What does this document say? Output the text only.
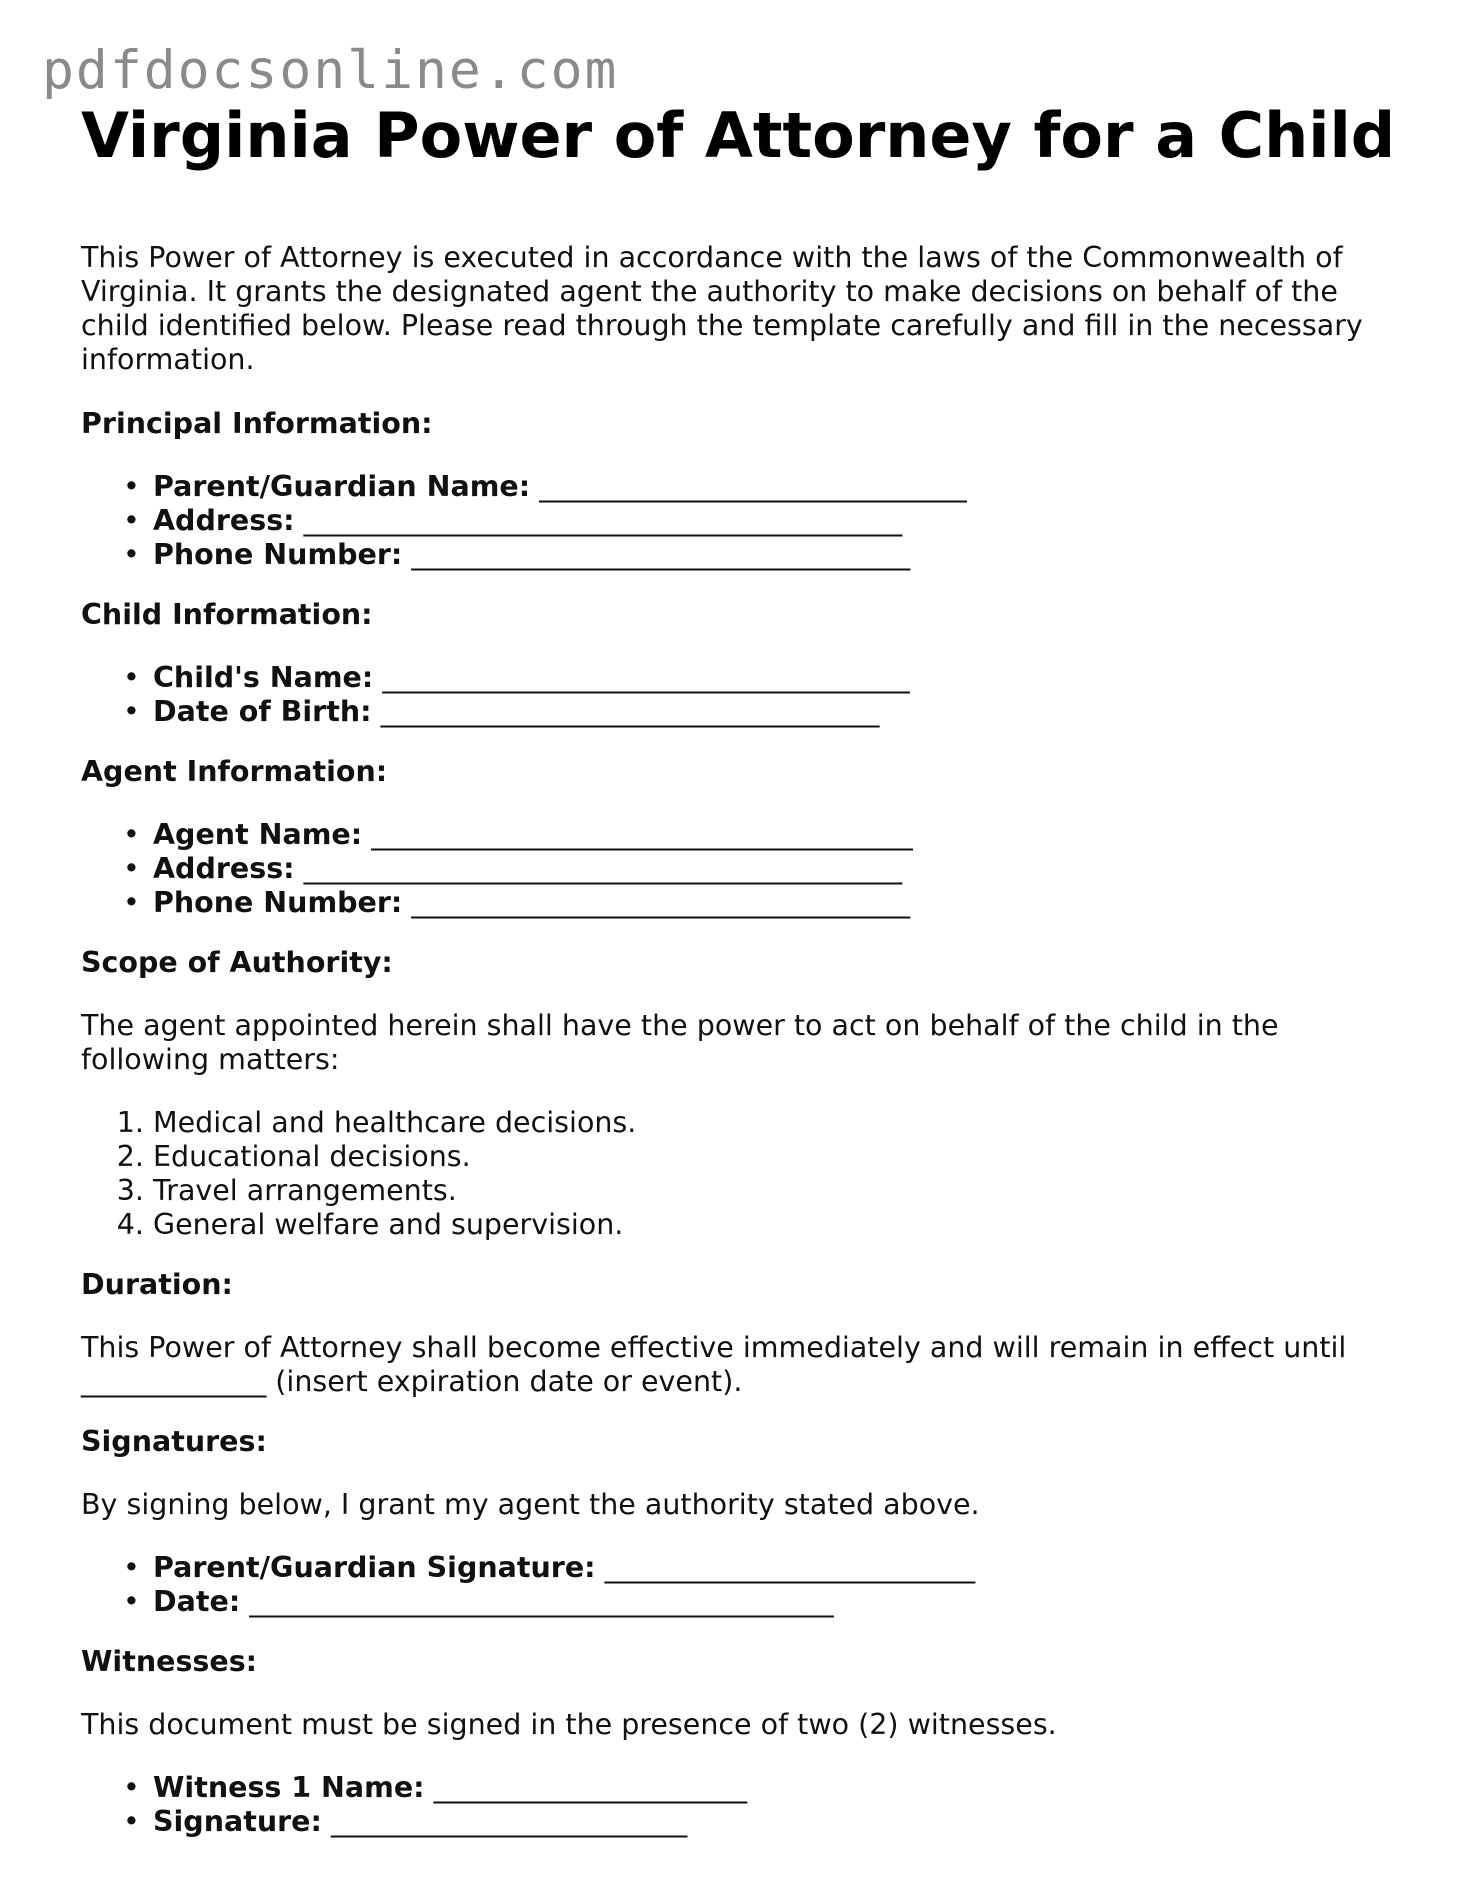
pdfdocsonline.com
Virginia Power of Attorney for a Child

This Power of Attorney is executed in accordance with the laws of the Commonwealth of Virginia. It grants the designated agent the authority to make decisions on behalf of the child identified below. Please read through the template carefully and fill in the necessary information.

Principal Information:
• Parent/Guardian Name: ______________________________
• Address: __________________________________________
• Phone Number: ___________________________________
Child Information:
• Child's Name: _____________________________________
• Date of Birth: ___________________________________
Agent Information:
• Agent Name: ______________________________________
• Address: __________________________________________
• Phone Number: ___________________________________
Scope of Authority:

The agent appointed herein shall have the power to act on behalf of the child in the following matters:

1. Medical and healthcare decisions.
2. Educational decisions.
3. Travel arrangements.
4. General welfare and supervision.
Duration:

This Power of Attorney shall become effective immediately and will remain in effect until
_____________ (insert expiration date or event).

Signatures:

By signing below, I grant my agent the authority stated above.

• Parent/Guardian Signature: __________________________
• Date: _________________________________________
Witnesses:

This document must be signed in the presence of two (2) witnesses.

• Witness 1 Name: ______________________
• Signature: _________________________
